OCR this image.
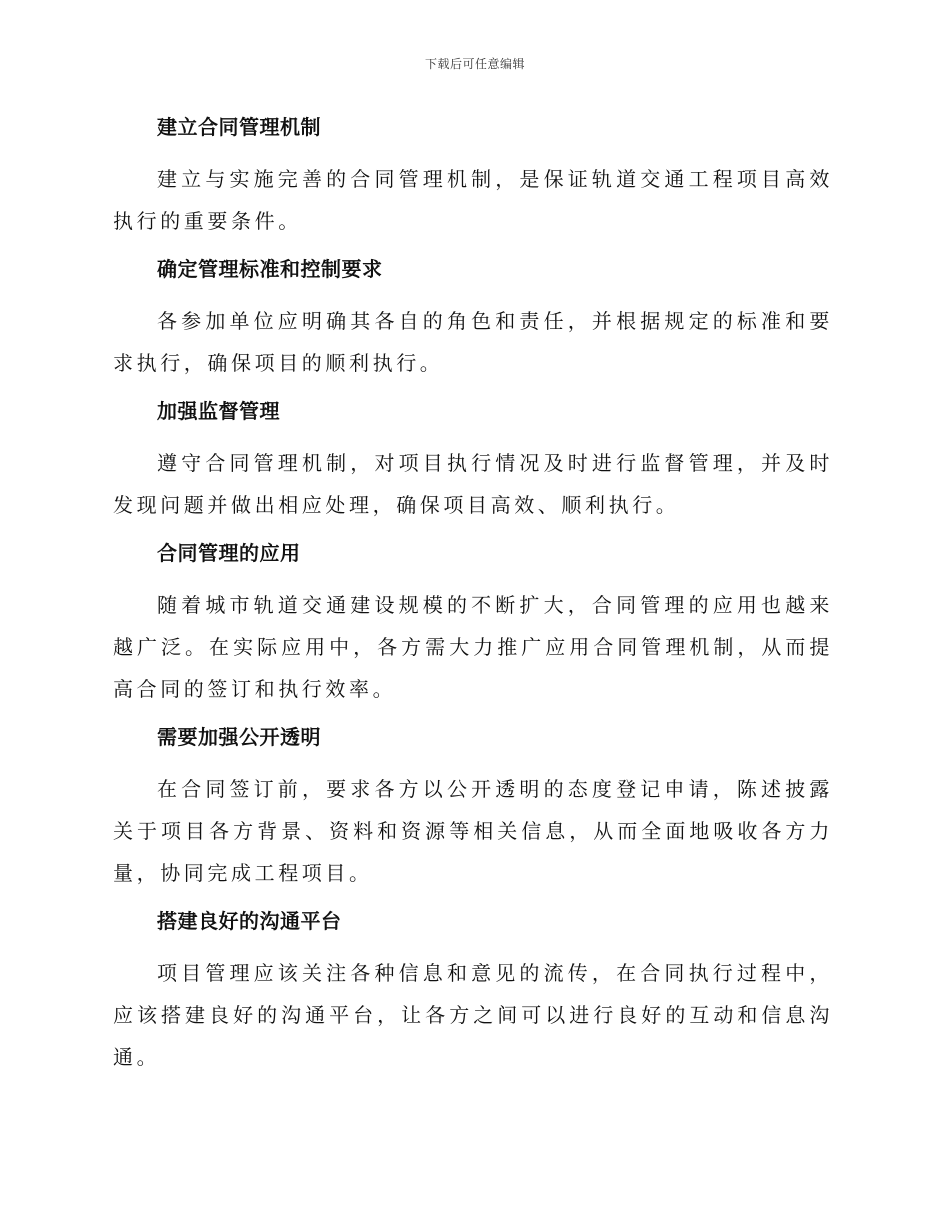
下载后可任意编辑
建立合同管理机制

建立与实施完善的合同管理机制，是保证轨道交通工程项目高效执行的重要条件。

确定管理标准和控制要求

各参加单位应明确其各自的角色和责任，并根据规定的标准和要求执行，确保项目的顺利执行。

加强监督管理

遵守合同管理机制，对项目执行情况及时进行监督管理，并及时发现问题并做出相应处理，确保项目高效、顺利执行。

合同管理的应用

随着城市轨道交通建设规模的不断扩大，合同管理的应用也越来越广泛。在实际应用中，各方需大力推广应用合同管理机制，从而提高合同的签订和执行效率。

需要加强公开透明

在合同签订前，要求各方以公开透明的态度登记申请，陈述披露关于项目各方背景、资料和资源等相关信息，从而全面地吸收各方力量，协同完成工程项目。

搭建良好的沟通平台

项目管理应该关注各种信息和意见的流传，在合同执行过程中，应该搭建良好的沟通平台，让各方之间可以进行良好的互动和信息沟通。
